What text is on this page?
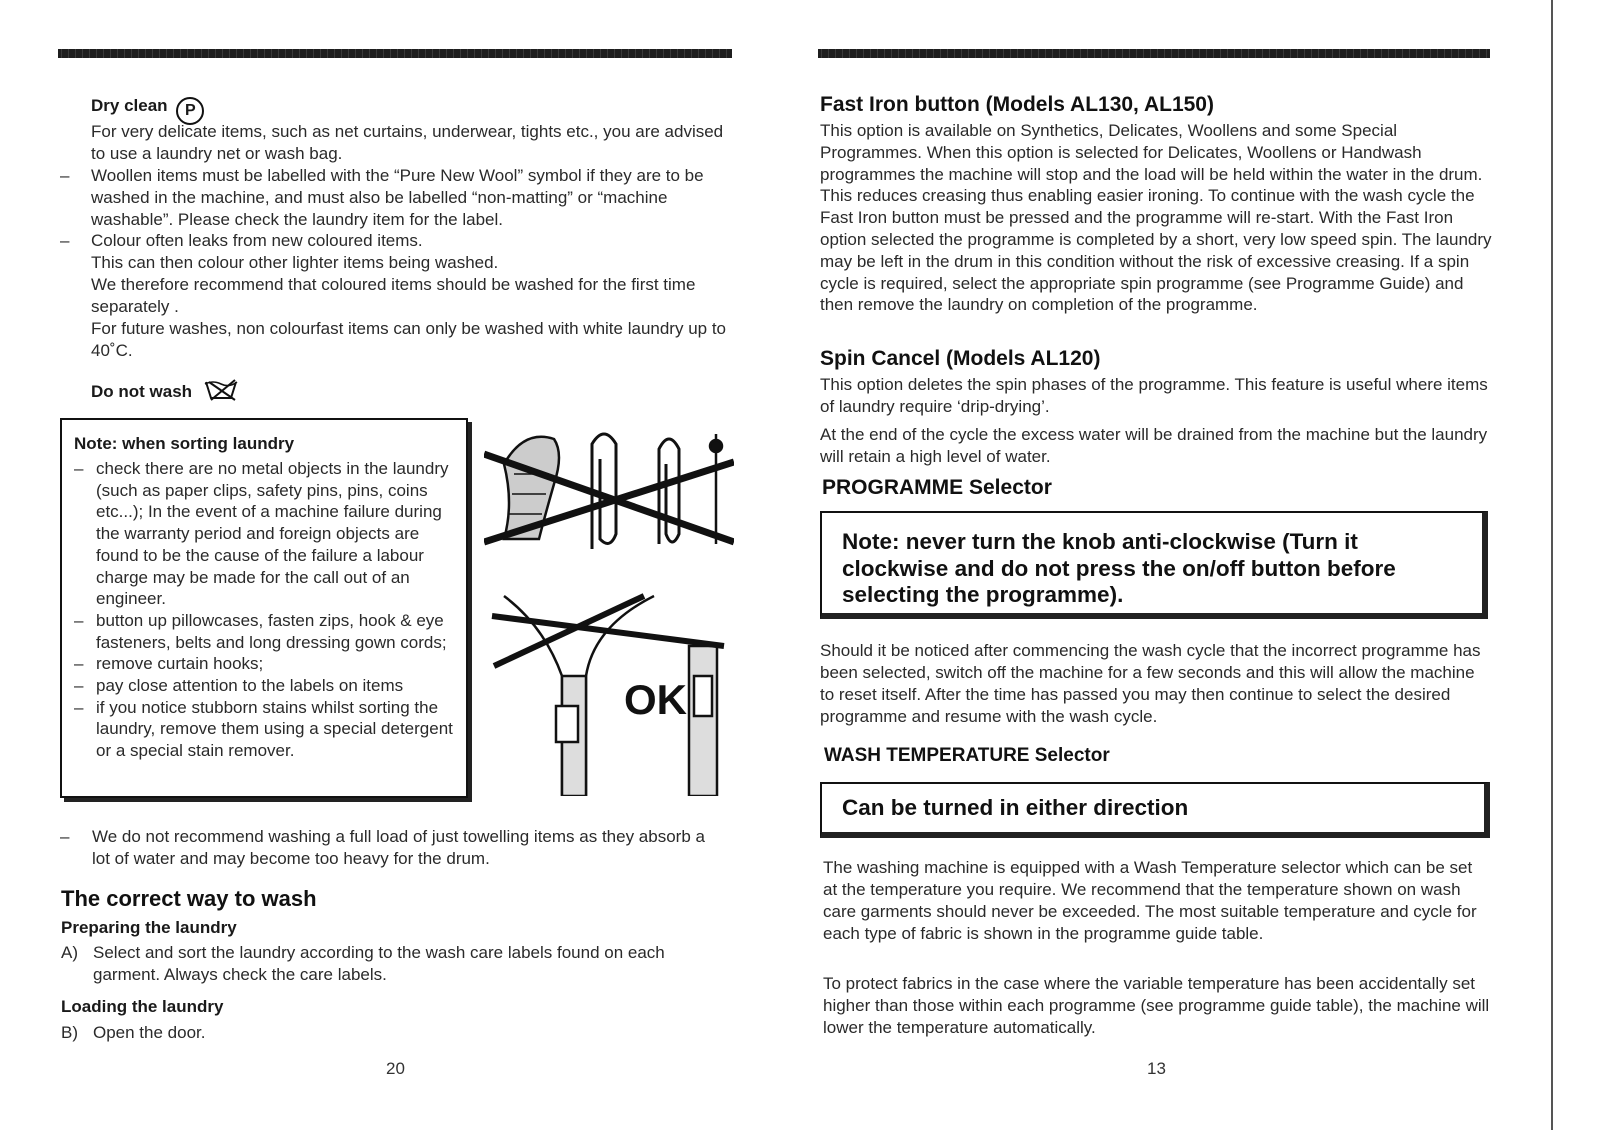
Dry clean P
For very delicate items, such as net curtains, underwear, tights etc., you are advised to use a laundry net or wash bag.
– Woollen items must be labelled with the “Pure New Wool” symbol if they are to be washed in the machine, and must also be labelled “non-matting” or “machine washable”. Please check the laundry item for the label.
– Colour often leaks from new coloured items.

This can then colour other lighter items being washed.

We therefore recommend that coloured items should be washed for the first time separately .

For future washes, non colourfast items can only be washed with white laundry up to 40˚C.

Do not wash
Note: when sorting laundry
– check there are no metal objects in the laundry (such as paper clips, safety pins, pins, coins etc...); In the event of a machine failure during the warranty period and foreign objects are found to be the cause of the failure a labour charge may be made for the call out of an engineer.
– button up pillowcases, fasten zips, hook & eye fasteners, belts and long dressing gown cords;
– remove curtain hooks;
– pay close attention to the labels on items
– if you notice stubborn stains whilst sorting the laundry, remove them using a special detergent or a special stain remover.
OK
– We do not recommend washing a full load of just towelling items as they absorb a lot of water and may become too heavy for the drum.
The correct way to wash
Preparing the laundry
A) Select and sort the laundry according to the wash care labels found on each garment. Always check the care labels.
Loading the laundry
B) Open the door.
20
Fast Iron button (Models AL130, AL150)
This option is available on Synthetics, Delicates, Woollens and some Special Programmes. When this option is selected for Delicates, Woollens or Handwash programmes the machine will stop and the load will be held within the water in the drum. This reduces creasing thus enabling easier ironing. To continue with the wash cycle the Fast Iron button must be pressed and the programme will re-start. With the Fast Iron option selected the programme is completed by a short, very low speed spin. The laundry may be left in the drum in this condition without the risk of excessive creasing. If a spin cycle is required, select the appropriate spin programme (see Programme Guide) and then remove the laundry on completion of the programme.
Spin Cancel (Models AL120)
This option deletes the spin phases of the programme. This feature is useful where items of laundry require ‘drip-drying’.
At the end of the cycle the excess water will be drained from the machine but the laundry will retain a high level of water.
PROGRAMME Selector
Note: never turn the knob anti-clockwise (Turn it clockwise and do not press the on/off button before selecting the programme).
Should it be noticed after commencing the wash cycle that the incorrect programme has been selected, switch off the machine for a few seconds and this will allow the machine to reset itself. After the time has passed you may then continue to select the desired programme and resume with the wash cycle.
WASH TEMPERATURE Selector
Can be turned in either direction
The washing machine is equipped with a Wash Temperature selector which can be set at the temperature you require. We recommend that the temperature shown on wash care garments should never be exceeded. The most suitable temperature and cycle for each type of fabric is shown in the programme guide table.
To protect fabrics in the case where the variable temperature has been accidentally set higher than those within each programme (see programme guide table), the machine will lower the temperature automatically.
13
